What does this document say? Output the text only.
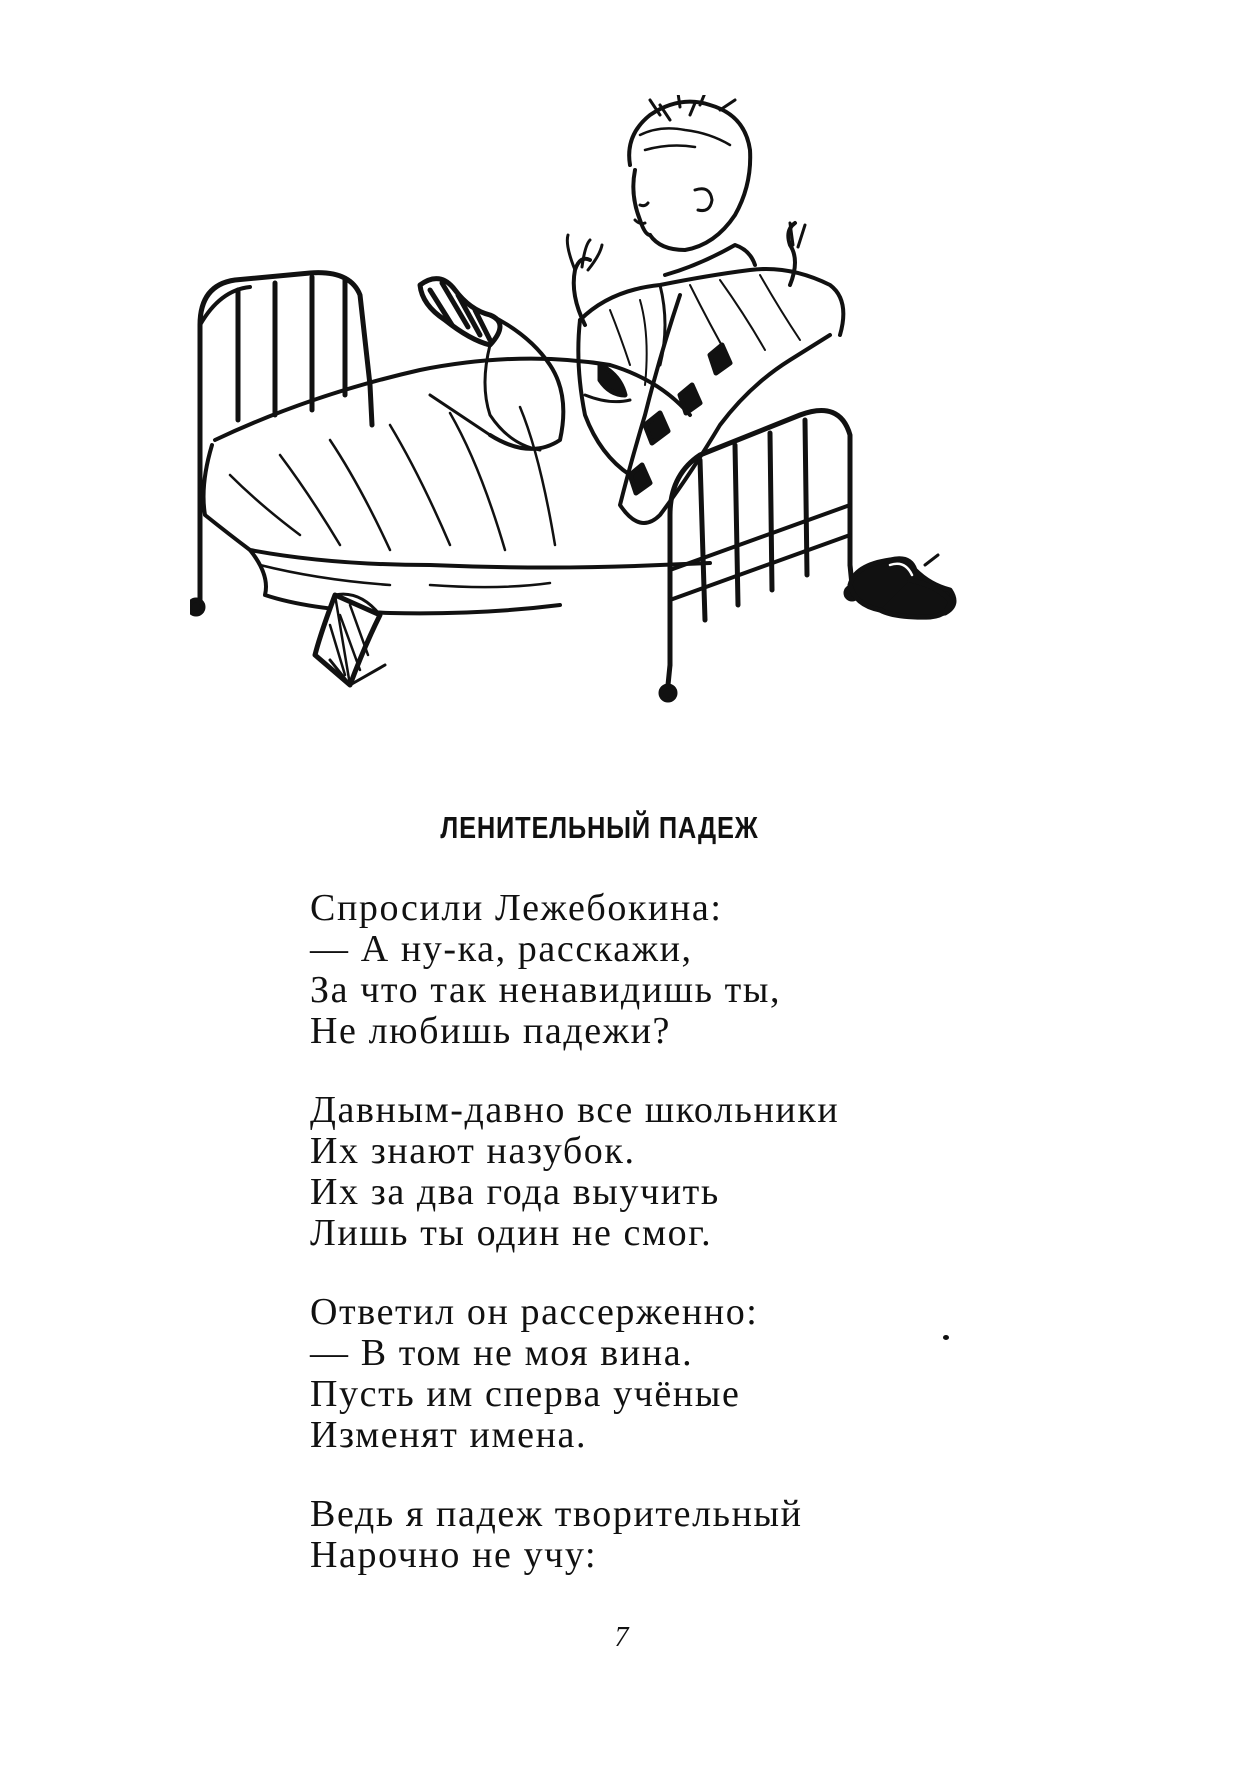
ЛЕНИТЕЛЬНЫЙ ПАДЕЖ
Спросили Лежебокина:
— А ну-ка, расскажи,
За что так ненавидишь ты,
Не любишь падежи?
Давным-давно все школьники
Их знают назубок.
Их за два года выучить
Лишь ты один не смог.
Ответил он рассерженно:
— В том не моя вина.
Пусть им сперва учёные
Изменят имена.
Ведь я падеж творительный
Нарочно не учу:
7
